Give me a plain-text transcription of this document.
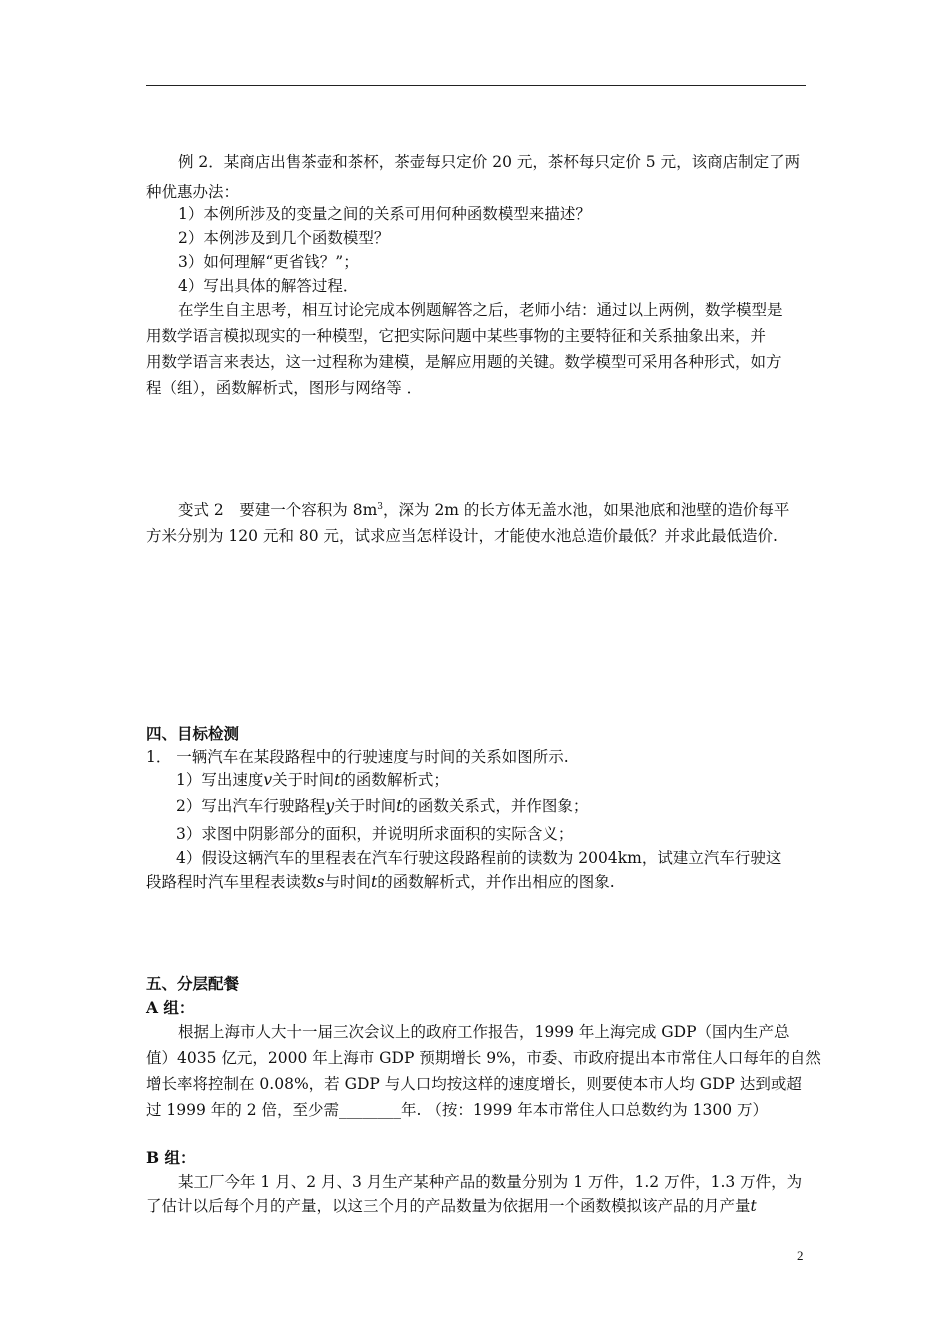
例 2．某商店出售茶壶和茶杯，茶壶每只定价 20 元，茶杯每只定价 5 元，该商店制定了两
种优惠办法：
1）本例所涉及的变量之间的关系可用何种函数模型来描述？
2）本例涉及到几个函数模型？
3）如何理解“更省钱？”；
4）写出具体的解答过程．
在学生自主思考，相互讨论完成本例题解答之后，老师小结：通过以上两例，数学模型是
用数学语言模拟现实的一种模型，它把实际问题中某些事物的主要特征和关系抽象出来，并
用数学语言来表达，这一过程称为建模，是解应用题的关键。数学模型可采用各种形式，如方
程（组），函数解析式，图形与网络等 ．
变式 2　要建一个容积为 $8m^3$，深为 2m 的长方体无盖水池，如果池底和池壁的造价每平
方米分别为 120 元和 80 元，试求应当怎样设计，才能使水池总造价最低？并求此最低造价.
四、目标检测
1． 一辆汽车在某段路程中的行驶速度与时间的关系如图所示.
1）写出速度v关于时间t的函数解析式；
2）写出汽车行驶路程y关于时间t的函数关系式，并作图象；
3）求图中阴影部分的面积，并说明所求面积的实际含义；
4）假设这辆汽车的里程表在汽车行驶这段路程前的读数为 2004km，试建立汽车行驶这
段路程时汽车里程表读数s与时间t的函数解析式，并作出相应的图象.
五、分层配餐
A 组：
根据上海市人大十一届三次会议上的政府工作报告，1999 年上海完成 GDP（国内生产总
值）4035 亿元，2000 年上海市 GDP 预期增长 9%，市委、市政府提出本市常住人口每年的自然
增长率将控制在 0.08%，若 GDP 与人口均按这样的速度增长，则要使本市人均 GDP 达到或超
过 1999 年的 2 倍，至少需________年. （按：1999 年本市常住人口总数约为 1300 万）
B 组：
某工厂今年 1 月、2 月、3 月生产某种产品的数量分别为 1 万件，1.2 万件，1.3 万件，为
了估计以后每个月的产量，以这三个月的产品数量为依据用一个函数模拟该产品的月产量t
2
